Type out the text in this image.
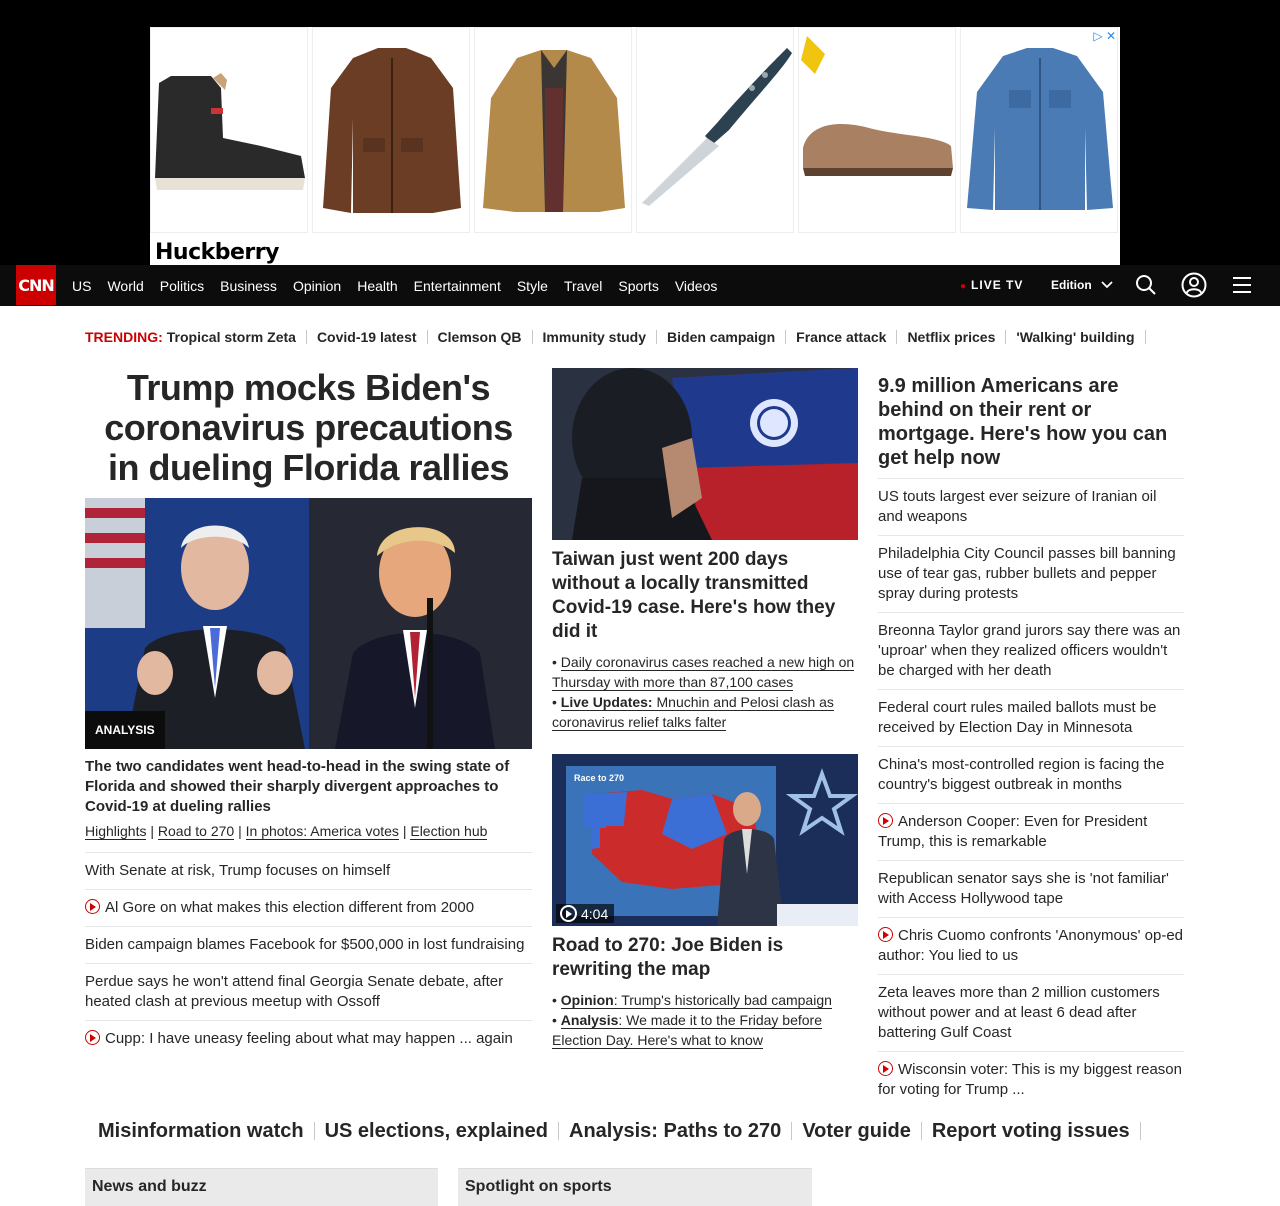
Huckberry
▷ ✕
CNN US World Politics Business Opinion Health Entertainment Style Travel Sports Videos	● LIVE TV Edition
TRENDING: Tropical storm Zeta	Covid-19 latest	Clemson QB	Immunity study	Biden campaign	France attack	Netflix prices	'Walking' building
Trump mocks Biden's coronavirus precautions in dueling Florida rallies
ANALYSIS
The two candidates went head-to-head in the swing state of Florida and showed their sharply divergent approaches to Covid-19 at dueling rallies
Highlights | Road to 270 | In photos: America votes | Election hub
With Senate at risk, Trump focuses on himself
Al Gore on what makes this election different from 2000
Biden campaign blames Facebook for $500,000 in lost fundraising
Perdue says he won't attend final Georgia Senate debate, after heated clash at previous meetup with Ossoff
Cupp: I have uneasy feeling about what may happen ... again
Taiwan just went 200 days without a locally transmitted Covid-19 case. Here's how they did it
• Daily coronavirus cases reached a new high on Thursday with more than 87,100 cases
• Live Updates: Mnuchin and Pelosi clash as coronavirus relief talks falter
Race to 270
4:04
Road to 270: Joe Biden is rewriting the map
• Opinion: Trump's historically bad campaign
• Analysis: We made it to the Friday before Election Day. Here's what to know
9.9 million Americans are behind on their rent or mortgage. Here's how you can get help now
US touts largest ever seizure of Iranian oil and weapons
Philadelphia City Council passes bill banning use of tear gas, rubber bullets and pepper spray during protests
Breonna Taylor grand jurors say there was an 'uproar' when they realized officers wouldn't be charged with her death
Federal court rules mailed ballots must be received by Election Day in Minnesota
China's most-controlled region is facing the country's biggest outbreak in months
Anderson Cooper: Even for President Trump, this is remarkable
Republican senator says she is 'not familiar' with Access Hollywood tape
Chris Cuomo confronts 'Anonymous' op-ed author: You lied to us
Zeta leaves more than 2 million customers without power and at least 6 dead after battering Gulf Coast
Wisconsin voter: This is my biggest reason for voting for Trump ...
Misinformation watch	US elections, explained	Analysis: Paths to 270	Voter guide	Report voting issues
News and buzz	Spotlight on sports
